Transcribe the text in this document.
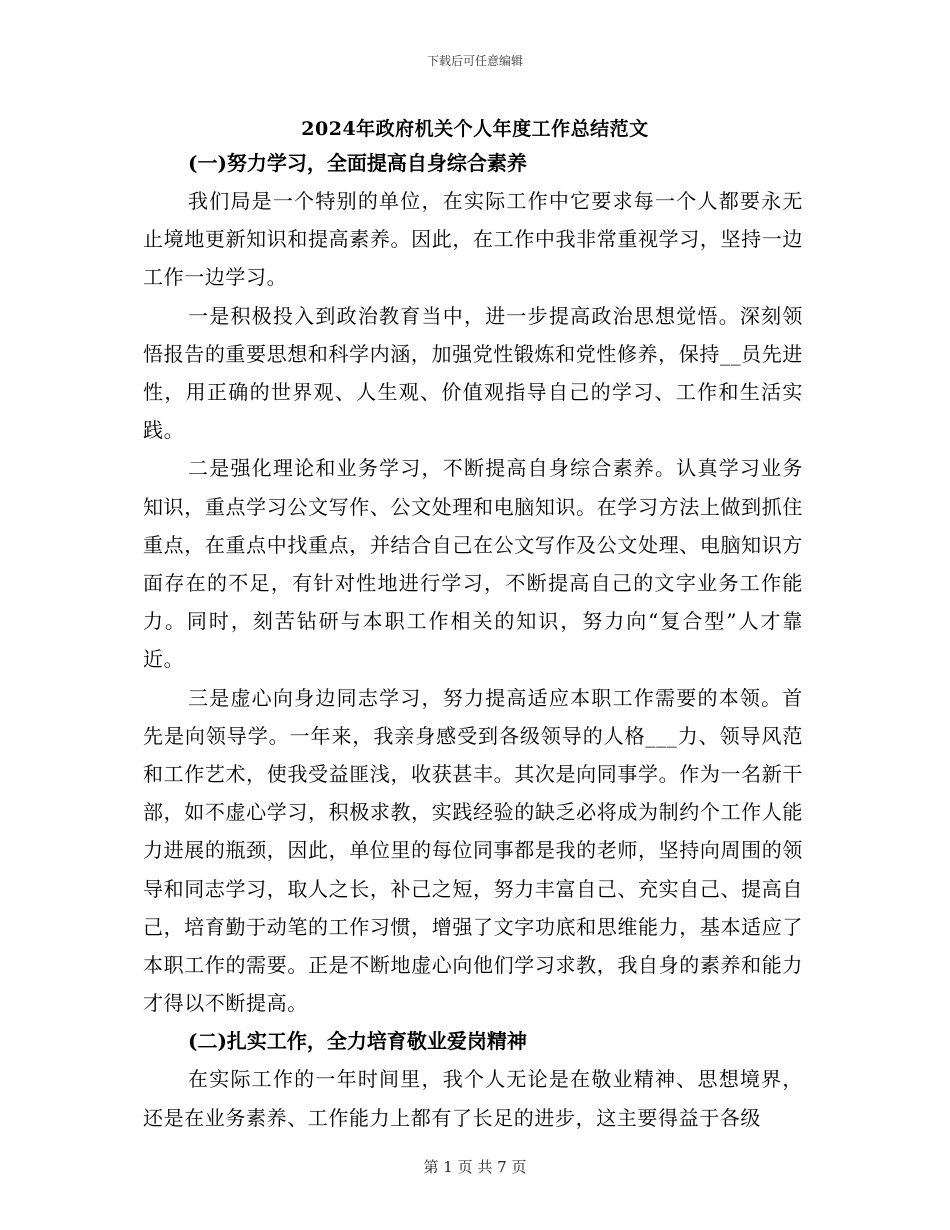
下载后可任意编辑
2024年政府机关个人年度工作总结范文

(一)努力学习，全面提高自身综合素养

我们局是一个特别的单位，在实际工作中它要求每一个人都要永无止境地更新知识和提高素养。因此，在工作中我非常重视学习，坚持一边工作一边学习。

一是积极投入到政治教育当中，进一步提高政治思想觉悟。深刻领悟报告的重要思想和科学内涵，加强党性锻炼和党性修养，保持__员先进性，用正确的世界观、人生观、价值观指导自己的学习、工作和生活实践。

二是强化理论和业务学习，不断提高自身综合素养。认真学习业务知识，重点学习公文写作、公文处理和电脑知识。在学习方法上做到抓住重点，在重点中找重点，并结合自己在公文写作及公文处理、电脑知识方面存在的不足，有针对性地进行学习，不断提高自己的文字业务工作能力。同时，刻苦钻研与本职工作相关的知识，努力向“复合型”人才靠近。

三是虚心向身边同志学习，努力提高适应本职工作需要的本领。首先是向领导学。一年来，我亲身感受到各级领导的人格___力、领导风范和工作艺术，使我受益匪浅，收获甚丰。其次是向同事学。作为一名新干部，如不虚心学习，积极求教，实践经验的缺乏必将成为制约个工作人能力进展的瓶颈，因此，单位里的每位同事都是我的老师，坚持向周围的领导和同志学习，取人之长，补己之短，努力丰富自己、充实自己、提高自己，培育勤于动笔的工作习惯，增强了文字功底和思维能力，基本适应了本职工作的需要。正是不断地虚心向他们学习求教，我自身的素养和能力才得以不断提高。

(二)扎实工作，全力培育敬业爱岗精神

在实际工作的一年时间里，我个人无论是在敬业精神、思想境界，还是在业务素养、工作能力上都有了长足的进步，这主要得益于各级

第 1 页 共 7 页
